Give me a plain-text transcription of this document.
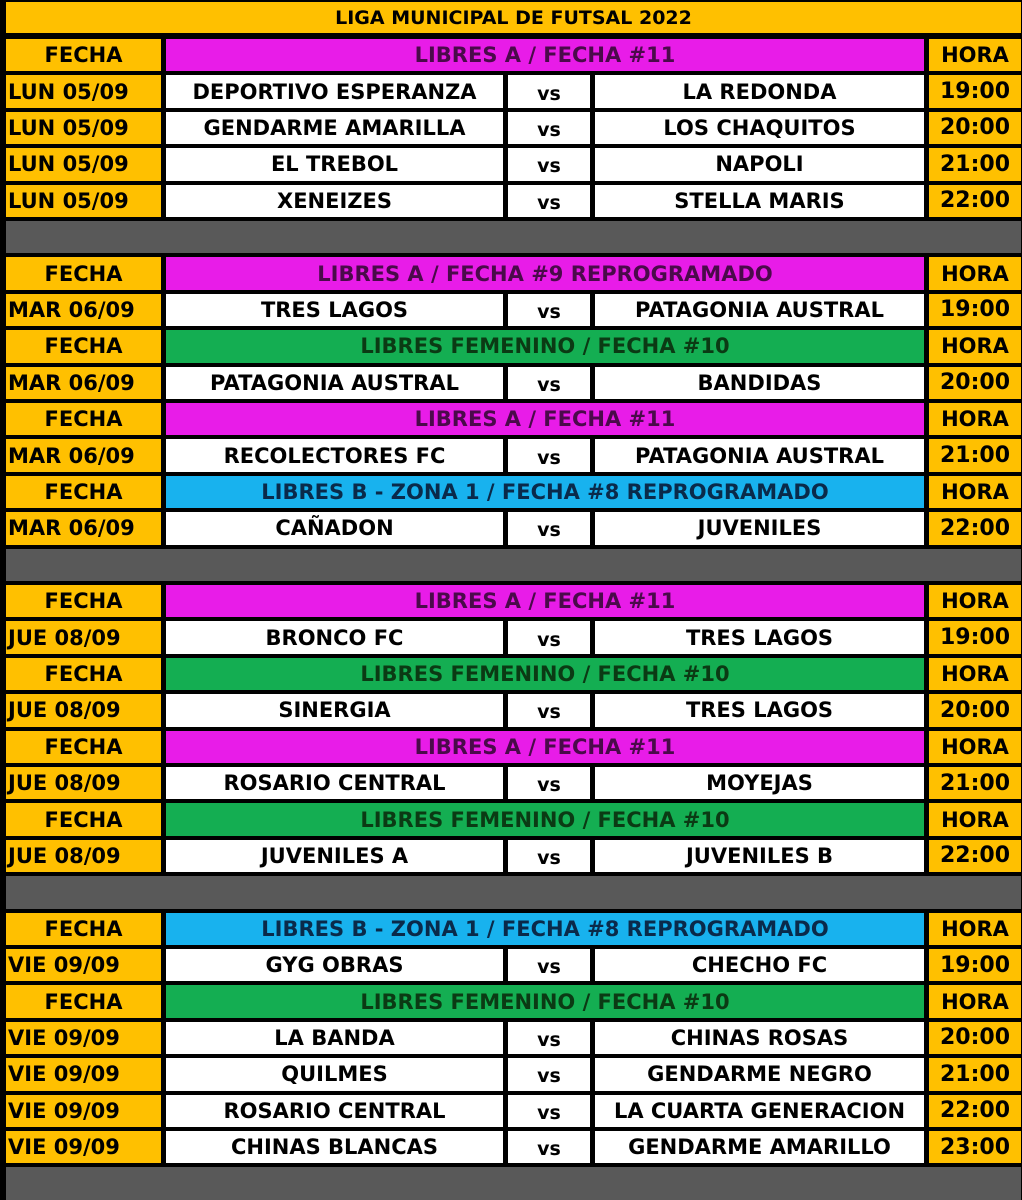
LIGA MUNICIPAL DE FUTSAL 2022
FECHA	LIBRES A / FECHA #11	HORA
LUN 05/09	DEPORTIVO ESPERANZA	vs	LA REDONDA	19:00
LUN 05/09	GENDARME AMARILLA	vs	LOS CHAQUITOS	20:00
LUN 05/09	EL TREBOL	vs	NAPOLI	21:00
LUN 05/09	XENEIZES	vs	STELLA MARIS	22:00
FECHA	LIBRES A / FECHA #9 REPROGRAMADO	HORA
MAR 06/09	TRES LAGOS	vs	PATAGONIA AUSTRAL	19:00
FECHA	LIBRES FEMENINO / FECHA #10	HORA
MAR 06/09	PATAGONIA AUSTRAL	vs	BANDIDAS	20:00
FECHA	LIBRES A / FECHA #11	HORA
MAR 06/09	RECOLECTORES FC	vs	PATAGONIA AUSTRAL	21:00
FECHA	LIBRES B - ZONA 1 / FECHA #8 REPROGRAMADO	HORA
MAR 06/09	CAÑADON	vs	JUVENILES	22:00
FECHA	LIBRES A / FECHA #11	HORA
JUE 08/09	BRONCO FC	vs	TRES LAGOS	19:00
FECHA	LIBRES FEMENINO / FECHA #10	HORA
JUE 08/09	SINERGIA	vs	TRES LAGOS	20:00
FECHA	LIBRES A / FECHA #11	HORA
JUE 08/09	ROSARIO CENTRAL	vs	MOYEJAS	21:00
FECHA	LIBRES FEMENINO / FECHA #10	HORA
JUE 08/09	JUVENILES A	vs	JUVENILES B	22:00
FECHA	LIBRES B - ZONA 1 / FECHA #8 REPROGRAMADO	HORA
VIE 09/09	GYG OBRAS	vs	CHECHO FC	19:00
FECHA	LIBRES FEMENINO / FECHA #10	HORA
VIE 09/09	LA BANDA	vs	CHINAS ROSAS	20:00
VIE 09/09	QUILMES	vs	GENDARME NEGRO	21:00
VIE 09/09	ROSARIO CENTRAL	vs	LA CUARTA GENERACION	22:00
VIE 09/09	CHINAS BLANCAS	vs	GENDARME AMARILLO	23:00
